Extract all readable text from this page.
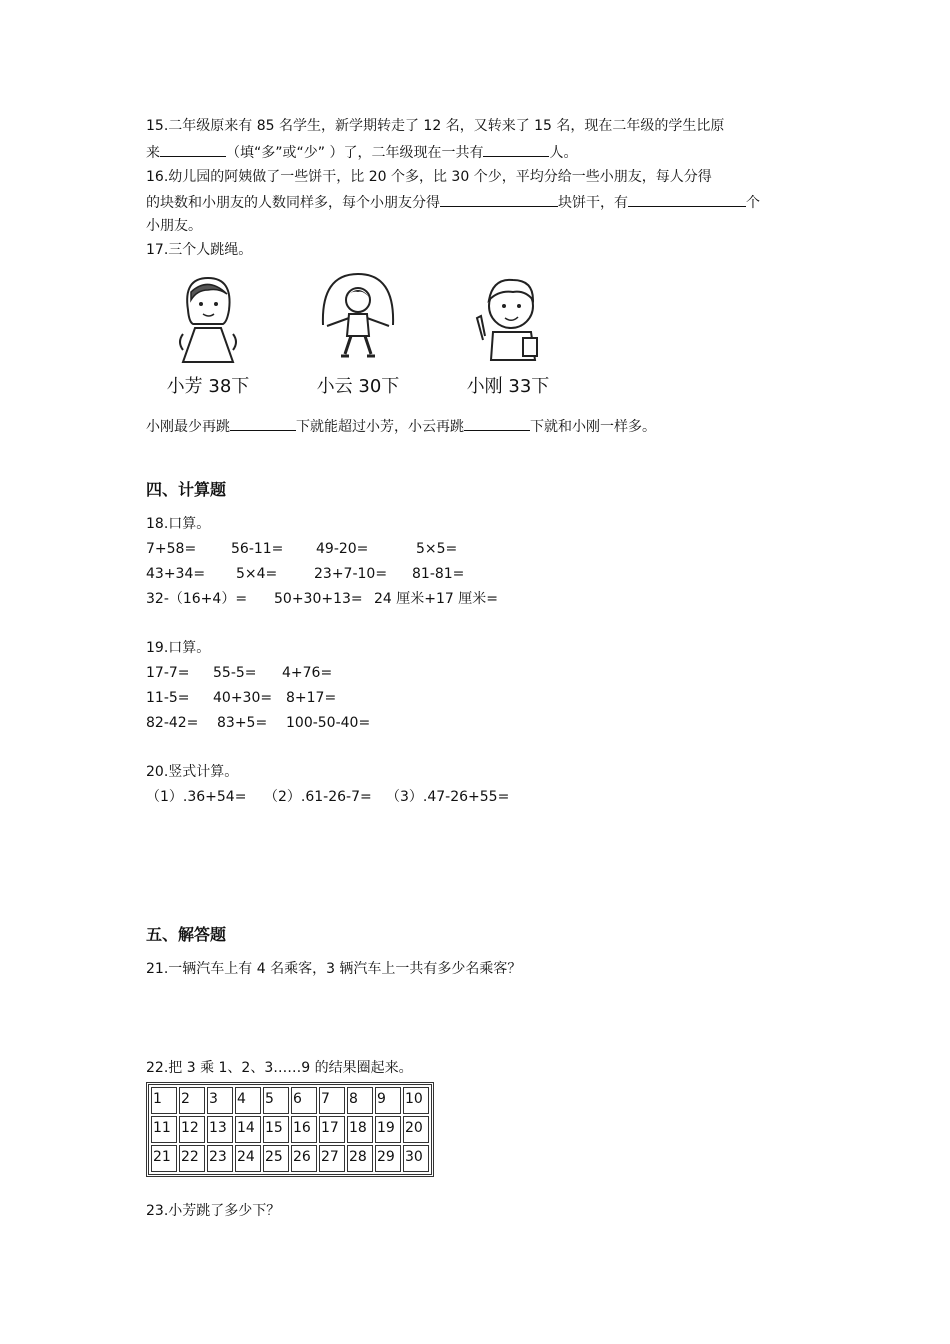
15.二年级原来有 85 名学生，新学期转走了 12 名，又转来了 15 名，现在二年级的学生比原
来	（填“多”或“少” ）了，二年级现在一共有	人。
16.幼儿园的阿姨做了一些饼干，比 20 个多，比 30 个少，平均分给一些小朋友，每人分得
的块数和小朋友的人数同样多，每个小朋友分得	块饼干，有	个
小朋友。
17.三个人跳绳。
小芳 38下	小云 30下	小刚 33下
小刚最少再跳	下就能超过小芳，小云再跳	下就和小刚一样多。
四、计算题
18.口算。
7+58= 56-11= 49-20=	5×5=
43+34= 5×4=	23+7-10= 81-81=
32-（16+4）= 50+30+13= 24 厘米+17 厘米=
19.口算。
17-7= 55-5= 4+76=
11-5= 40+30= 8+17=
82-42= 83+5= 100-50-40=
20.竖式计算。
（1）.36+54= （2）.61-26-7= （3）.47-26+55=
五、解答题
21.一辆汽车上有 4 名乘客，3 辆汽车上一共有多少名乘客？
22.把 3 乘 1、2、3……9 的结果圈起来。
1	2	3	4	5	6	7	8	9	10
11	12	13	14	15	16	17	18	19	20
21	22	23	24	25	26	27	28	29	30
23.小芳跳了多少下？
